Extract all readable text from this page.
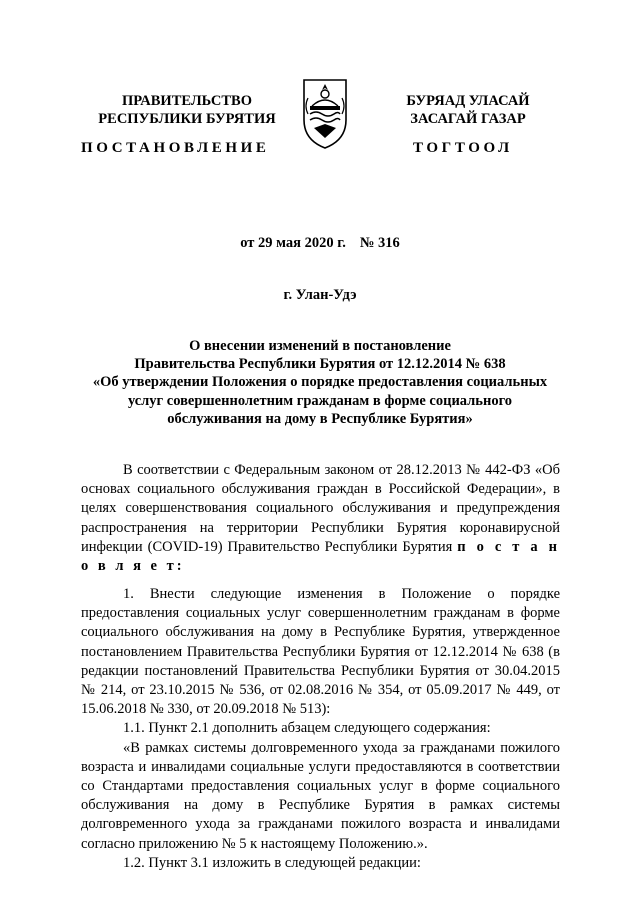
ПРАВИТЕЛЬСТВО
РЕСПУБЛИКИ БУРЯТИЯ
БУРЯАД УЛАСАЙ
ЗАСАГАЙ ГАЗАР
ПОСТАНОВЛЕНИЕ	ТОГТООЛ
от 29 мая 2020 г. № 316
г. Улан-Удэ
О внесении изменений в постановление
Правительства Республики Бурятия от 12.12.2014 № 638
«Об утверждении Положения о порядке предоставления социальных
услуг совершеннолетним гражданам в форме социального
обслуживания на дому в Республике Бурятия»

В соответствии с Федеральным законом от 28.12.2013 № 442-ФЗ «Об основах социального обслуживания граждан в Российской Федерации», в целях совершенствования социального обслуживания и предупреждения распространения на территории Республики Бурятия коронавирусной инфекции (COVID-19) Правительство Республики Бурятия п о с т а н о в л я е т:

1. Внести следующие изменения в Положение о порядке предоставления социальных услуг совершеннолетним гражданам в форме социального обслуживания на дому в Республике Бурятия, утвержденное постановлением Правительства Республики Бурятия от 12.12.2014 № 638 (в редакции постановлений Правительства Республики Бурятия от 30.04.2015 № 214, от 23.10.2015 № 536, от 02.08.2016 № 354, от 05.09.2017 № 449, от 15.06.2018 № 330, от 20.09.2018 № 513):

1.1. Пункт 2.1 дополнить абзацем следующего содержания:

«В рамках системы долговременного ухода за гражданами пожилого возраста и инвалидами социальные услуги предоставляются в соответствии со Стандартами предоставления социальных услуг в форме социального обслуживания на дому в Республике Бурятия в рамках системы долговременного ухода за гражданами пожилого возраста и инвалидами согласно приложению № 5 к настоящему Положению.».

1.2. Пункт 3.1 изложить в следующей редакции:
